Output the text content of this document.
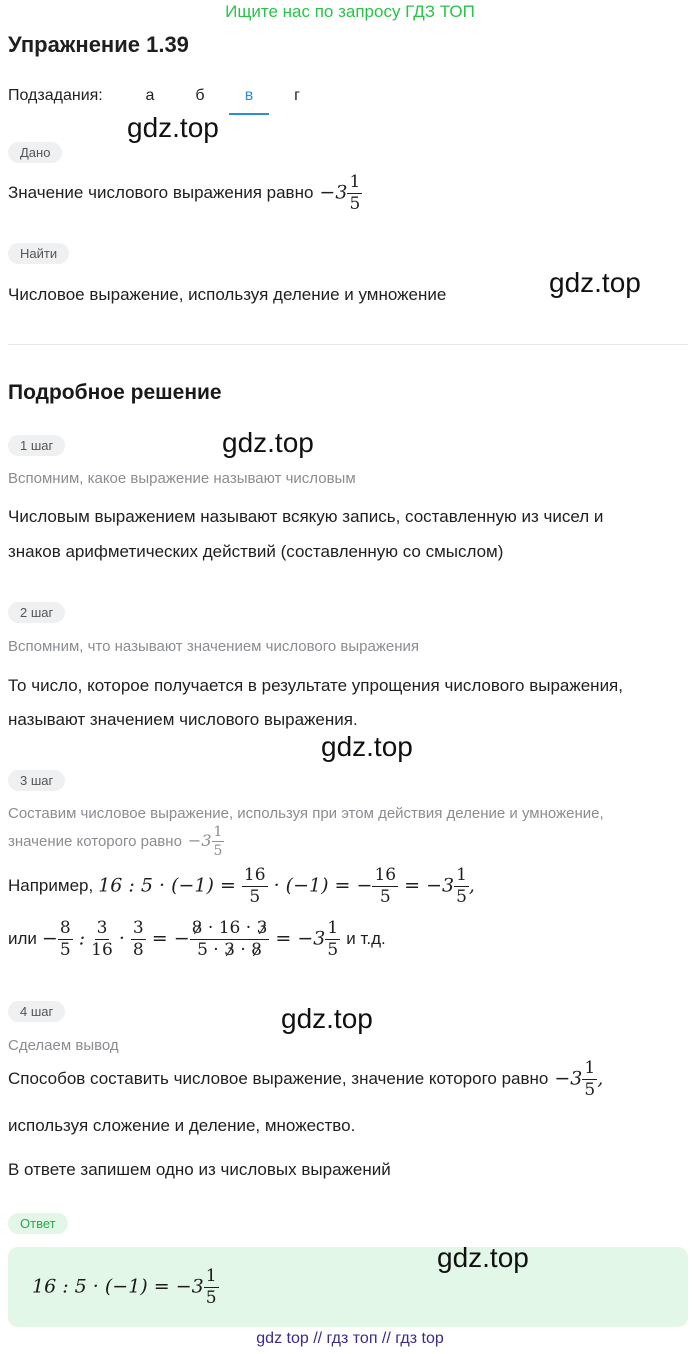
Ищите нас по запросу ГДЗ ТОП
Упражнение 1.39
Подзадания:	а	б	в	г
gdz.top
Дано
Значение числового выражения равно $-3 \frac{1}{5}$
Найти
Числовое выражение, используя деление и умножение	gdz.top
Подробное решение
gdz.top
1 шаг
Вспомним, какое выражение называют числовым
Числовым выражением называют всякую запись, составленную из чисел и
знаков арифметических действий (составленную со смыслом)
2 шаг
Вспомним, что называют значением числового выражения
То число, которое получается в результате упрощения числового выражения,
называют значением числового выражения.
gdz.top
3 шаг
Составим числовое выражение, используя при этом действия деление и умножение,
значение которого равно $-3 \frac{1}{5}$
Например, 16 : $5 \cdot (-1) = \frac{16}{5} \cdot (-1)$ = − $\frac{16}{5} = -3 \frac{1}{5}$ ,
или − $\frac{8}{5}$ : $\frac{3}{16} \cdot \frac{3}{8}$ = − $\frac{8 \cdot 16 \cdot 3}{5 \cdot 3 \cdot 8} = -3 \frac{1}{5}$ и т.д.
4 шаг	gdz.top
Сделаем вывод
Способов составить числовое выражение, значение которого равно $-3 \frac{1}{5}$ ,
используя сложение и деление, множество.
В ответе запишем одно из числовых выражений
Ответ
gdz.top
16 : $5 \cdot (-1) = -3 \frac{1}{5}$
gdz top // гдз топ // гдз top
